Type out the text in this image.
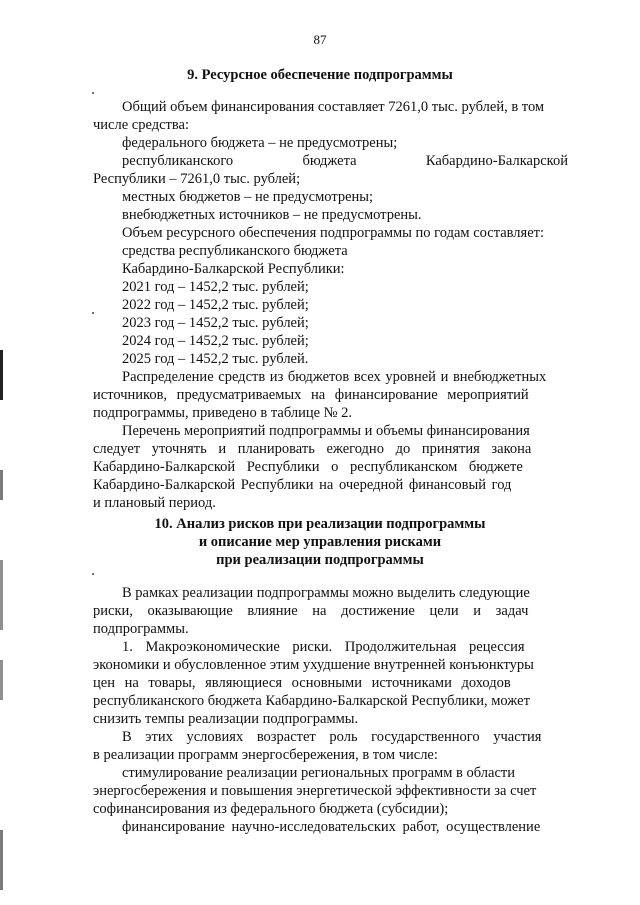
87
9. Ресурсное обеспечение подпрограммы
Общий объем финансирования составляет 7261,0 тыс. рублей, в том
числе средства:
федерального бюджета – не предусмотрены;
республиканского	бюджета	Кабардино-Балкарской
Республики – 7261,0 тыс. рублей;
местных бюджетов – не предусмотрены;
внебюджетных источников – не предусмотрены.
Объем ресурсного обеспечения подпрограммы по годам составляет:
средства республиканского бюджета
Кабардино-Балкарской Республики:
2021 год – 1452,2 тыс. рублей;
2022 год – 1452,2 тыс. рублей;
2023 год – 1452,2 тыс. рублей;
2024 год – 1452,2 тыс. рублей;
2025 год – 1452,2 тыс. рублей.
Распределение средств из бюджетов всех уровней и внебюджетных
источников, предусматриваемых на финансирование мероприятий
подпрограммы, приведено в таблице № 2.
Перечень мероприятий подпрограммы и объемы финансирования
следует уточнять и планировать ежегодно до принятия закона
Кабардино-Балкарской Республики о республиканском бюджете
Кабардино-Балкарской Республики на очередной финансовый год
и плановый период.
10. Анализ рисков при реализации подпрограммы
и описание мер управления рисками
при реализации подпрограммы
В рамках реализации подпрограммы можно выделить следующие
риски, оказывающие влияние на достижение цели и задач
подпрограммы.
1. Макроэкономические риски. Продолжительная рецессия
экономики и обусловленное этим ухудшение внутренней конъюнктуры
цен на товары, являющиеся основными источниками доходов
республиканского бюджета Кабардино-Балкарской Республики, может
снизить темпы реализации подпрограммы.
В этих условиях возрастет роль государственного участия
в реализации программ энергосбережения, в том числе:
стимулирование реализации региональных программ в области
энергосбережения и повышения энергетической эффективности за счет
софинансирования из федерального бюджета (субсидии);
финансирование научно-исследовательских работ, осуществление
